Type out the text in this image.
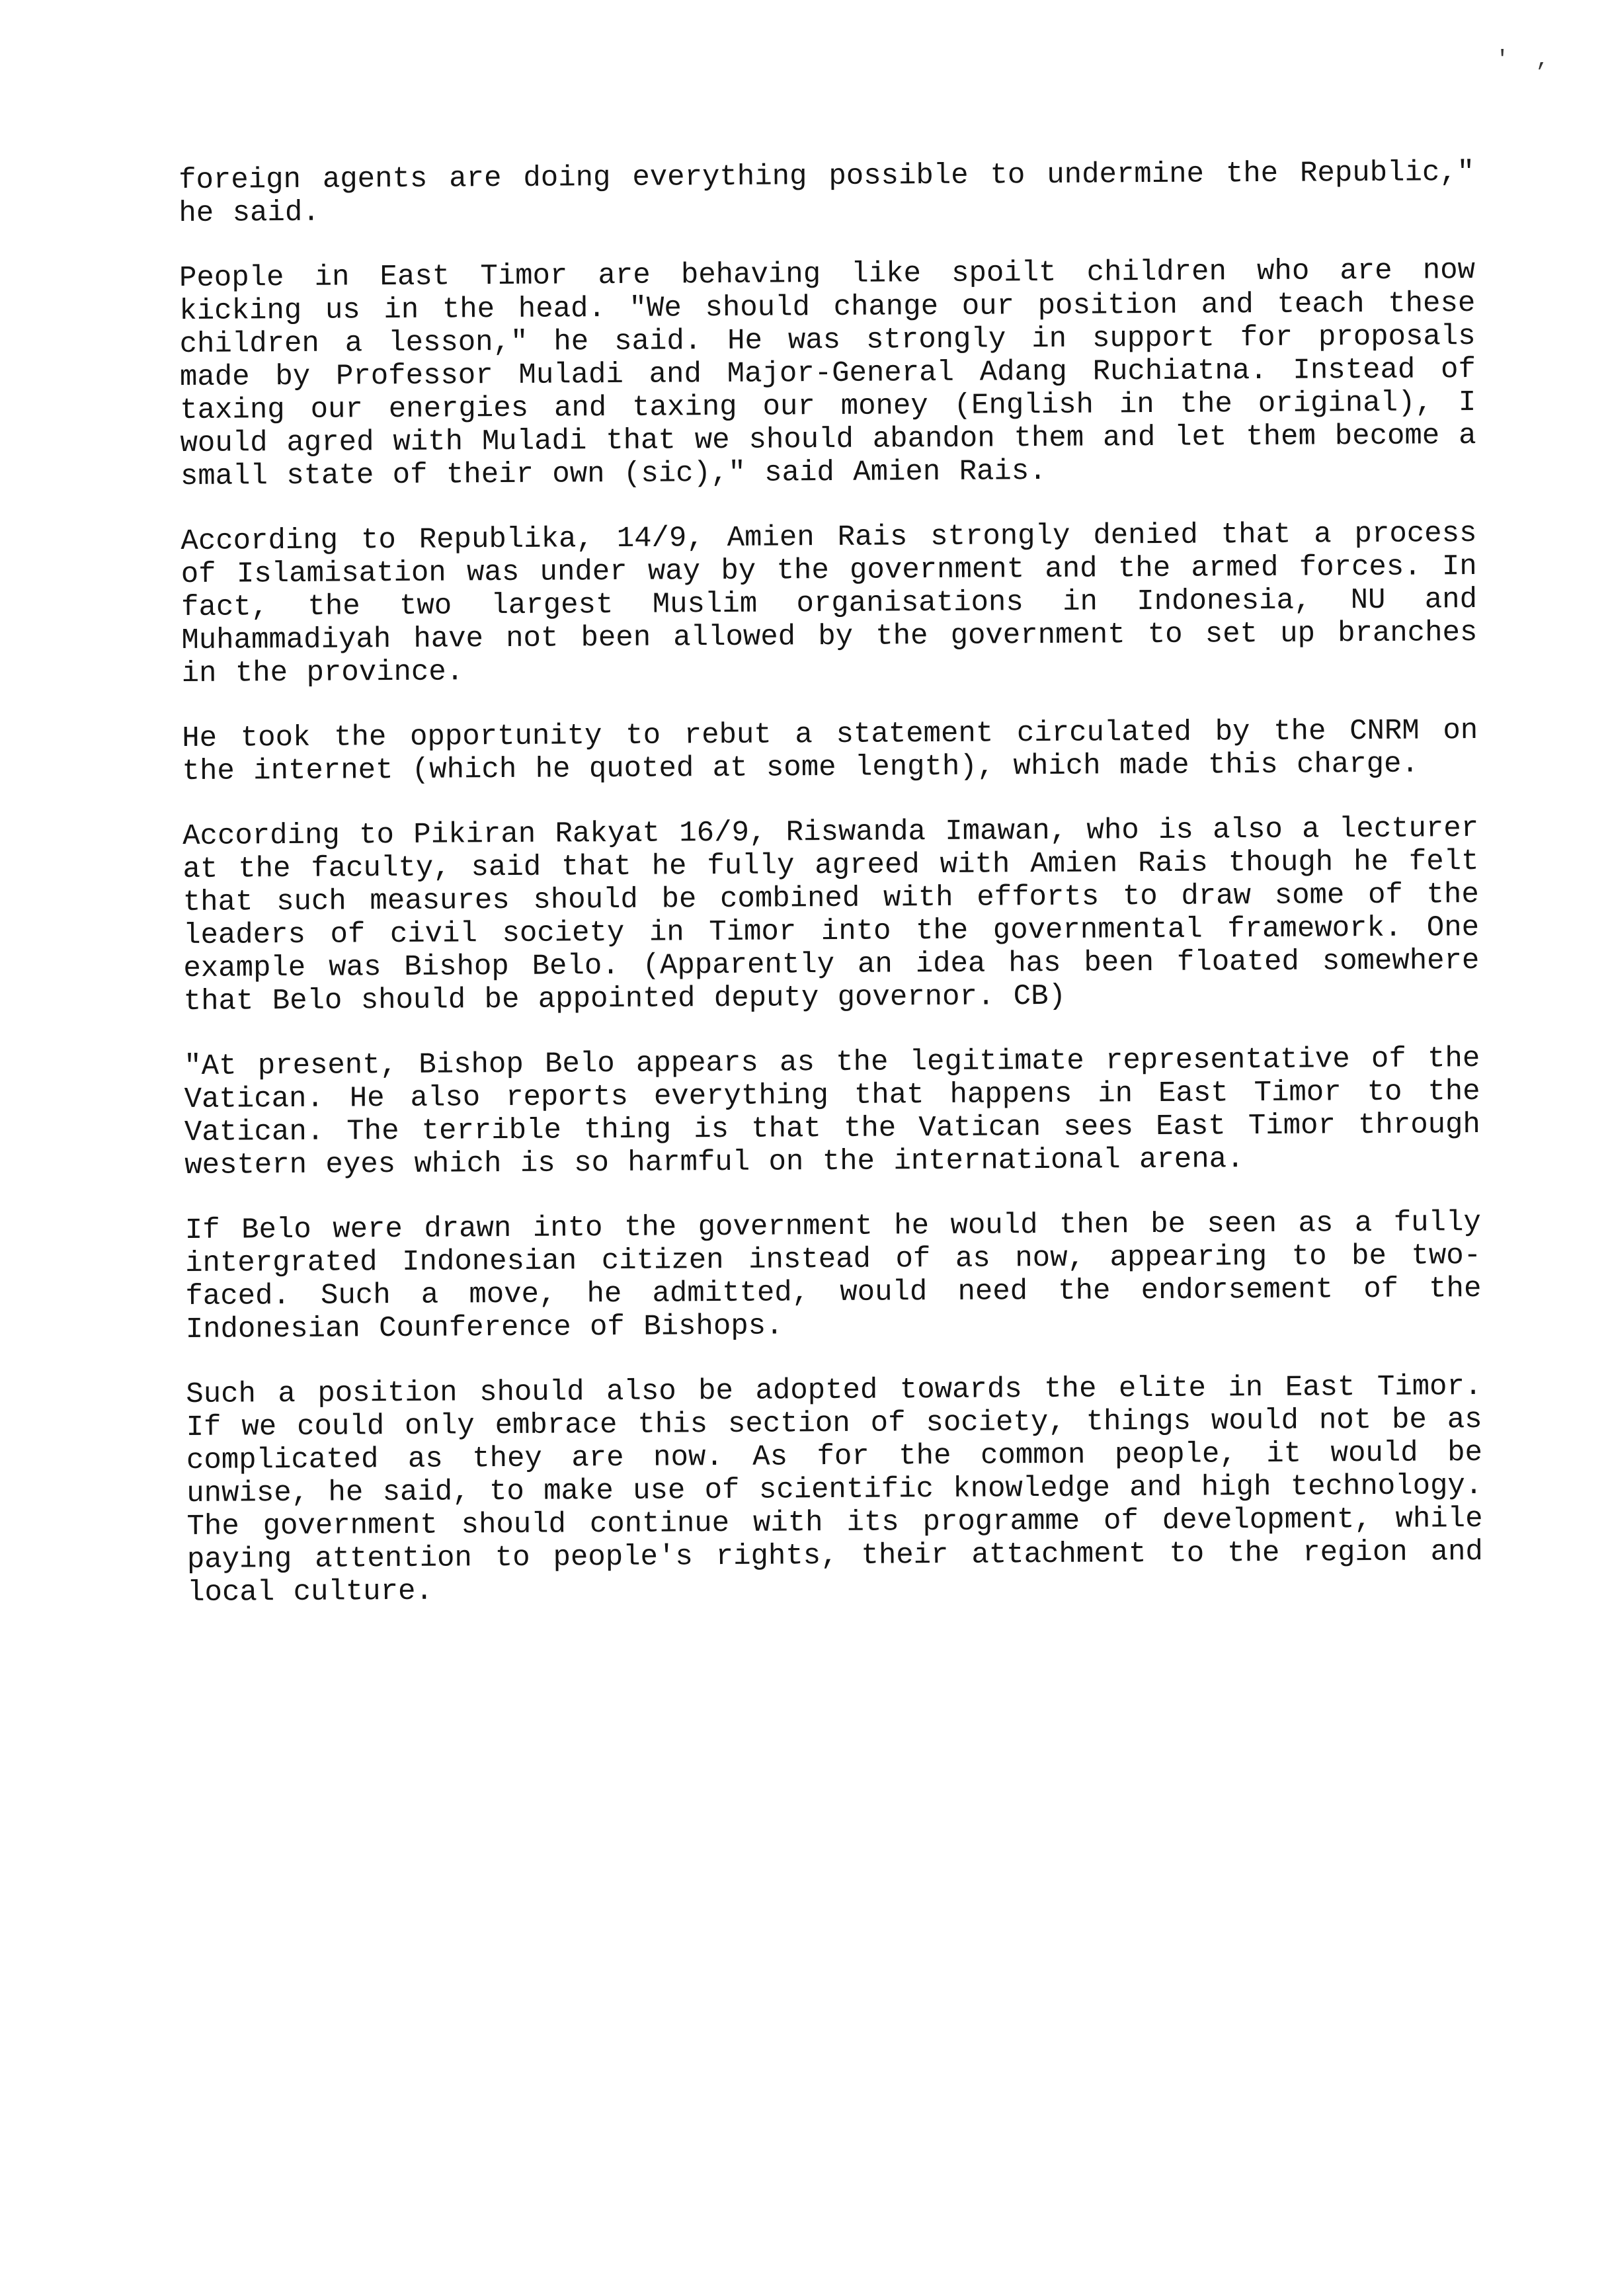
' ,

foreign agents are doing everything possible to undermine the Republic," he said.

People in East Timor are behaving like spoilt children who are now kicking us in the head. "We should change our position and teach these children a lesson," he said. He was strongly in support for proposals made by Professor Muladi and Major-General Adang Ruchiatna. Instead of taxing our energies and taxing our money (English in the original), I would agred with Muladi that we should abandon them and let them become a small state of their own (sic)," said Amien Rais.

According to Republika, 14/9, Amien Rais strongly denied that a process of Islamisation was under way by the government and the armed forces. In fact, the two largest Muslim organisations in Indonesia, NU and Muhammadiyah have not been allowed by the government to set up branches in the province.

He took the opportunity to rebut a statement circulated by the CNRM on the internet (which he quoted at some length), which made this charge.

According to Pikiran Rakyat 16/9, Riswanda Imawan, who is also a lecturer at the faculty, said that he fully agreed with Amien Rais though he felt that such measures should be combined with efforts to draw some of the leaders of civil society in Timor into the governmental framework. One example was Bishop Belo. (Apparently an idea has been floated somewhere that Belo should be appointed deputy governor. CB)

"At present, Bishop Belo appears as the legitimate representative of the Vatican. He also reports everything that happens in East Timor to the Vatican. The terrible thing is that the Vatican sees East Timor through western eyes which is so harmful on the international arena.

If Belo were drawn into the government he would then be seen as a fully intergrated Indonesian citizen instead of as now, appearing to be two-faced. Such a move, he admitted, would need the endorsement of the Indonesian Counference of Bishops.

Such a position should also be adopted towards the elite in East Timor. If we could only embrace this section of society, things would not be as complicated as they are now. As for the common people, it would be unwise, he said, to make use of scientific knowledge and high technology. The government should continue with its programme of development, while paying attention to people's rights, their attachment to the region and local culture.
